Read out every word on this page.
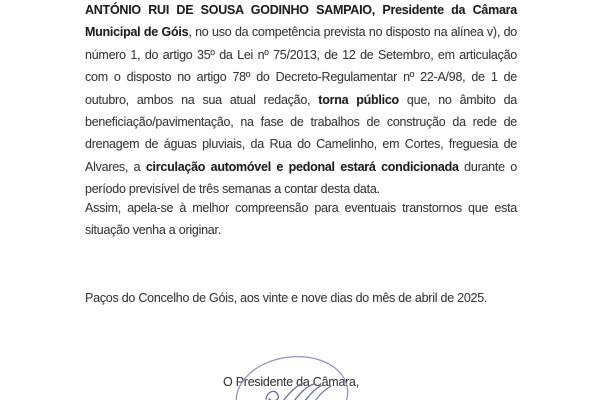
ANTÓNIO RUI DE SOUSA GODINHO SAMPAIO, Presidente da Câmara Municipal de Góis, no uso da competência prevista no disposto na alínea v), do número 1, do artigo 35º da Lei nº 75/2013, de 12 de Setembro, em articulação com o disposto no artigo 78º do Decreto-Regulamentar nº 22-A/98, de 1 de outubro, ambos na sua atual redação, torna público que, no âmbito da beneficiação/pavimentação, na fase de trabalhos de construção da rede de drenagem de águas pluviais, da Rua do Camelinho, em Cortes, freguesia de Alvares, a circulação automóvel e pedonal estará condicionada durante o período previsível de três semanas a contar desta data.
Assim, apela-se à melhor compreensão para eventuais transtornos que esta situação venha a originar.
Paços do Concelho de Góis, aos vinte e nove dias do mês de abril de 2025.
O Presidente da Câmara,
